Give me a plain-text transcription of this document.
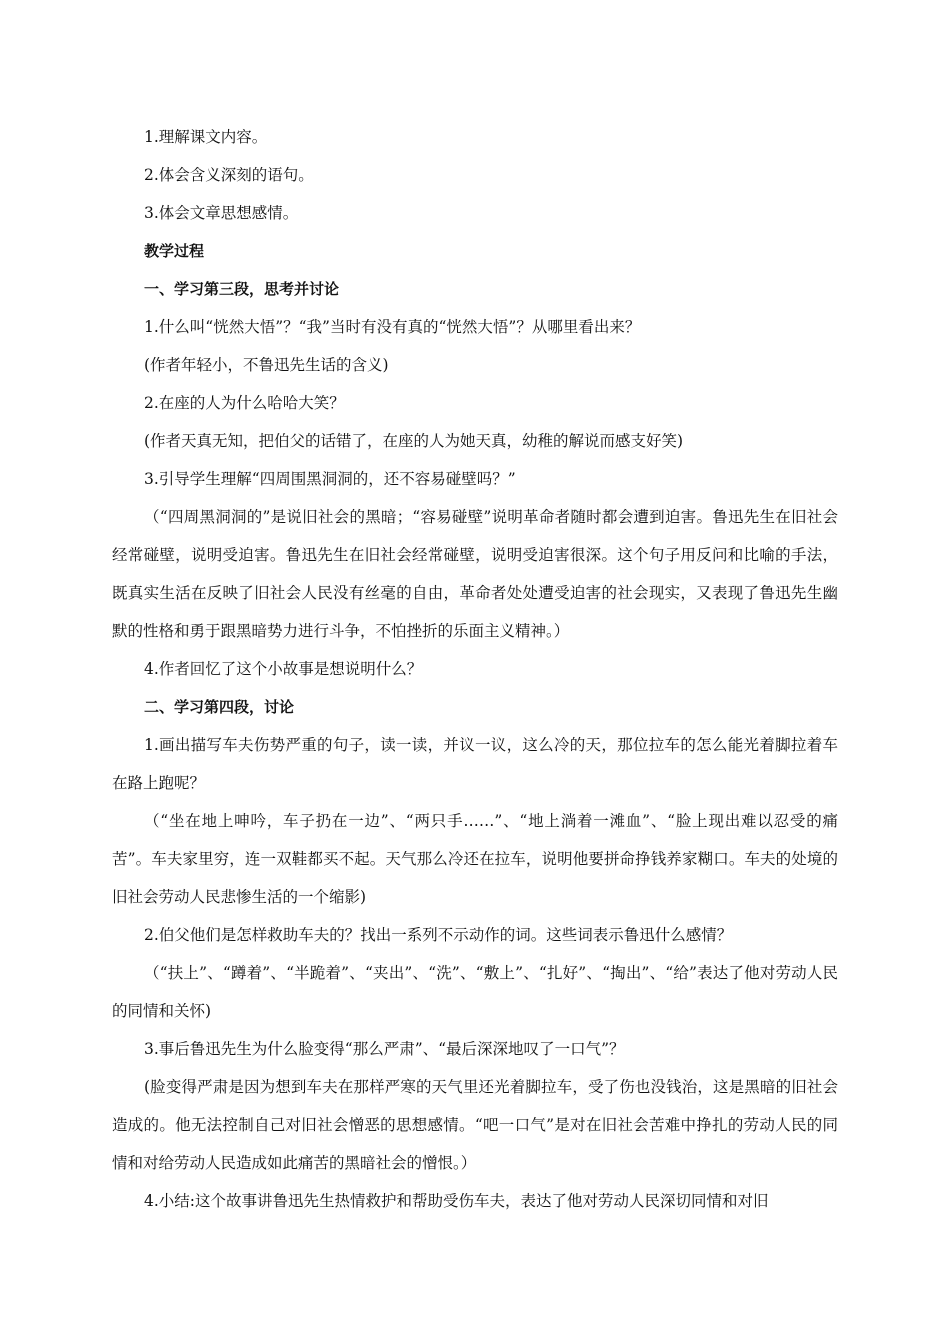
1.理解课文内容。

2.体会含义深刻的语句。

3.体会文章思想感情。

教学过程

一、学习第三段，思考并讨论

1.什么叫“恍然大悟”？“我”当时有没有真的“恍然大悟”？从哪里看出来？

(作者年轻小，不鲁迅先生话的含义)

2.在座的人为什么哈哈大笑？

(作者天真无知，把伯父的话错了，在座的人为她天真，幼稚的解说而感支好笑)

3.引导学生理解“四周围黑洞洞的，还不容易碰壁吗？”

（“四周黑洞洞的”是说旧社会的黑暗；“容易碰壁”说明革命者随时都会遭到迫害。鲁迅先生在旧社会经常碰壁，说明受迫害。鲁迅先生在旧社会经常碰壁，说明受迫害很深。这个句子用反问和比喻的手法，既真实生活在反映了旧社会人民没有丝毫的自由，革命者处处遭受迫害的社会现实，又表现了鲁迅先生幽默的性格和勇于跟黑暗势力进行斗争，不怕挫折的乐面主义精神。）

4.作者回忆了这个小故事是想说明什么？

二、学习第四段，讨论

1.画出描写车夫伤势严重的句子，读一读，并议一议，这么冷的天，那位拉车的怎么能光着脚拉着车在路上跑呢？

（“坐在地上呻吟，车子扔在一边”、“两只手……”、“地上淌着一滩血”、“脸上现出难以忍受的痛苦”。车夫家里穷，连一双鞋都买不起。天气那么冷还在拉车，说明他要拼命挣钱养家糊口。车夫的处境的旧社会劳动人民悲惨生活的一个缩影)

2.伯父他们是怎样救助车夫的？找出一系列不示动作的词。这些词表示鲁迅什么感情？

（“扶上”、“蹲着”、“半跪着”、“夹出”、“洗”、“敷上”、“扎好”、“掏出”、“给”表达了他对劳动人民的同情和关怀)

3.事后鲁迅先生为什么脸变得“那么严肃”、“最后深深地叹了一口气”？

(脸变得严肃是因为想到车夫在那样严寒的天气里还光着脚拉车，受了伤也没钱治，这是黑暗的旧社会造成的。他无法控制自己对旧社会憎恶的思想感情。“吧一口气”是对在旧社会苦难中挣扎的劳动人民的同情和对给劳动人民造成如此痛苦的黑暗社会的憎恨。）

4.小结:这个故事讲鲁迅先生热情救护和帮助受伤车夫，表达了他对劳动人民深切同情和对旧
